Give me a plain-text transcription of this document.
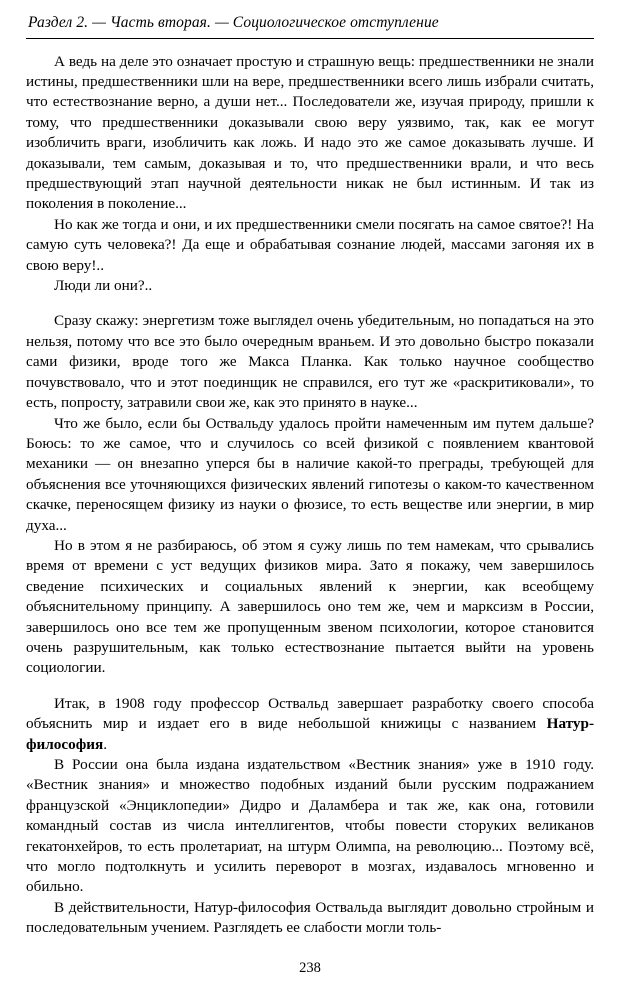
Раздел 2. — Часть вторая. — Социологическое отступление

А ведь на деле это означает простую и страшную вещь: предшественники не знали истины, предшественники шли на вере, предшественники всего лишь избрали считать, что естествознание верно, а души нет... Последователи же, изучая природу, пришли к тому, что предшественники доказывали свою веру уязвимо, так, как ее могут изобличить враги, изобличить как ложь. И надо это же самое доказывать лучше. И доказывали, тем самым, доказывая и то, что предшественники врали, и что весь предшествующий этап научной деятельности никак не был истинным. И так из поколения в поколение...

Но как же тогда и они, и их предшественники смели посягать на самое святое?! На самую суть человека?! Да еще и обрабатывая сознание людей, массами загоняя их в свою веру!..

Люди ли они?..

Сразу скажу: энергетизм тоже выглядел очень убедительным, но попадаться на это нельзя, потому что все это было очередным враньем. И это довольно быстро показали сами физики, вроде того же Макса Планка. Как только научное сообщество почувствовало, что и этот поединщик не справился, его тут же «раскритиковали», то есть, попросту, затравили свои же, как это принято в науке...

Что же было, если бы Оствальду удалось пройти намеченным им путем дальше? Боюсь: то же самое, что и случилось со всей физикой с появлением квантовой механики — он внезапно уперся бы в наличие какой-то преграды, требующей для объяснения все уточняющихся физических явлений гипотезы о каком-то качественном скачке, переносящем физику из науки о фюзисе, то есть веществе или энергии, в мир духа...

Но в этом я не разбираюсь, об этом я сужу лишь по тем намекам, что срывались время от времени с уст ведущих физиков мира. Зато я покажу, чем завершилось сведение психических и социальных явлений к энергии, как всеобщему объяснительному принципу. А завершилось оно тем же, чем и марксизм в России, завершилось оно все тем же пропущенным звеном психологии, которое становится очень разрушительным, как только естествознание пытается выйти на уровень социологии.

Итак, в 1908 году профессор Оствальд завершает разработку своего способа объяснить мир и издает его в виде небольшой книжицы с названием Натур-философия.

В России она была издана издательством «Вестник знания» уже в 1910 году. «Вестник знания» и множество подобных изданий были русским подражанием французской «Энциклопедии» Дидро и Даламбера и так же, как она, готовили командный состав из числа интеллигентов, чтобы повести сторуких великанов гекатонхейров, то есть пролетариат, на штурм Олимпа, на революцию... Поэтому всё, что могло подтолкнуть и усилить переворот в мозгах, издавалось мгновенно и обильно.

В действительности, Натур-философия Оствальда выглядит довольно стройным и последовательным учением. Разглядеть ее слабости могли толь-

238
